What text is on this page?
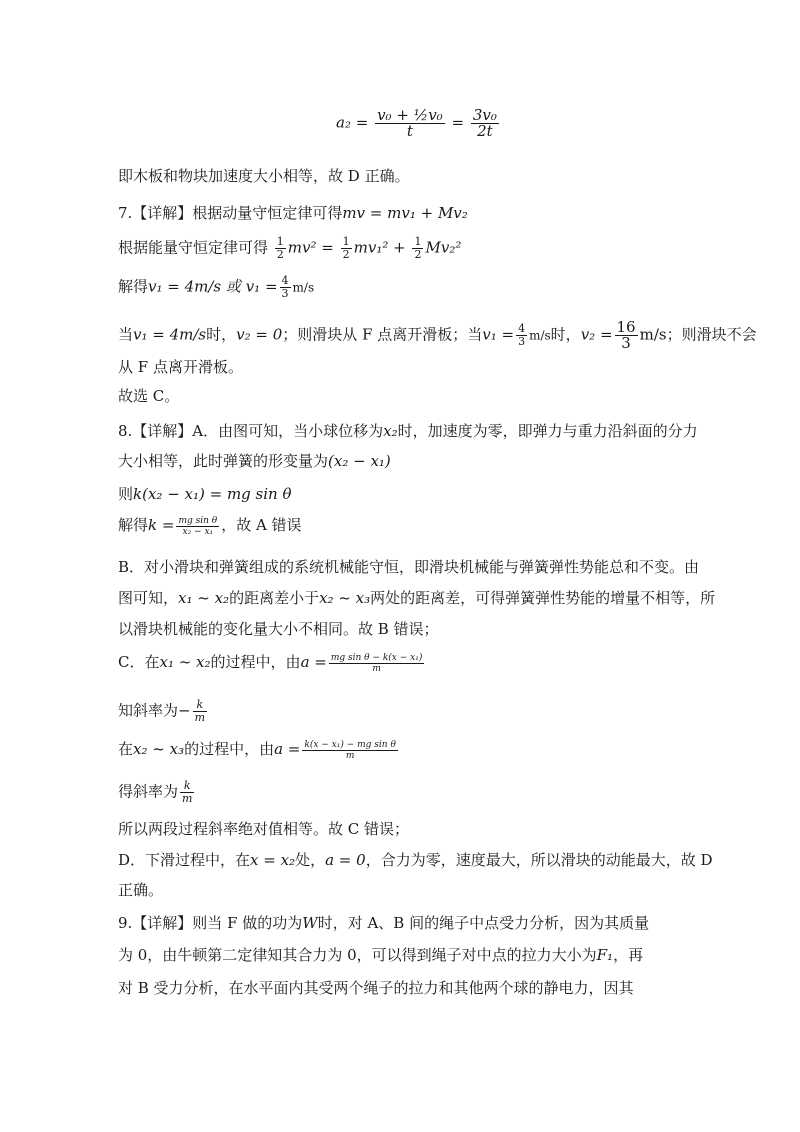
$a_2 = \frac{\text{v₀ + ½v₀}}{t} = \frac{\text{3v₀}}{2t}$
即木板和物块加速度大小相等，故 D 正确。
7.【详解】根据动量守恒定律可得mv = mv₁ + Mv₂
根据能量守恒定律可得 $\frac{1}{2} mv^2 = \frac{1}{2} mv_1^2 + \frac{1}{2} Mv_2^2$
解得v₁ = 4m/s 或 $v_1 = \frac{4}{3} m/s$
当v₁ = 4m/s时，v₂ = 0；则滑块从 F 点离开滑板；当$v_1 = \frac{4}{3} m/s$时，$v_2 = \frac{16}{3} m/s$；则滑块不会
从 F 点离开滑板。
故选 C。
8.【详解】A．由图可知，当小球位移为x₂时，加速度为零，即弹力与重力沿斜面的分力
大小相等，此时弹簧的形变量为(x₂ − x₁)
则k(x₂ − x₁) = mg sin θ
解得$k = \frac{\text{mg sin θ}}{\text{x₂ − x₁}}$ ，故 A 错误
B．对小滑块和弹簧组成的系统机械能守恒，即滑块机械能与弹簧弹性势能总和不变。由
图可知，x₁ ~ x₂的距离差小于x₂ ~ x₃两处的距离差，可得弹簧弹性势能的增量不相等，所
以滑块机械能的变化量大小不相同。故 B 错误；
C．在x₁ ~ x₂的过程中，由$a = \frac{\text{mg sin θ − k(x − x₁)}}{m}$
知斜率为− $\frac{k}{m}$
在x₂ ~ x₃的过程中，由$a = \frac{\text{k(x − x₁) − mg sin θ}}{m}$
得斜率为 $\frac{k}{m}$
所以两段过程斜率绝对值相等。故 C 错误；
D．下滑过程中，在x = x₂处，a = 0，合力为零，速度最大，所以滑块的动能最大，故 D
正确。
9.【详解】则当 F 做的功为W时，对 A、B 间的绳子中点受力分析，因为其质量
为 0，由牛顿第二定律知其合力为 0，可以得到绳子对中点的拉力大小为F₁，再
对 B 受力分析，在水平面内其受两个绳子的拉力和其他两个球的静电力，因其
